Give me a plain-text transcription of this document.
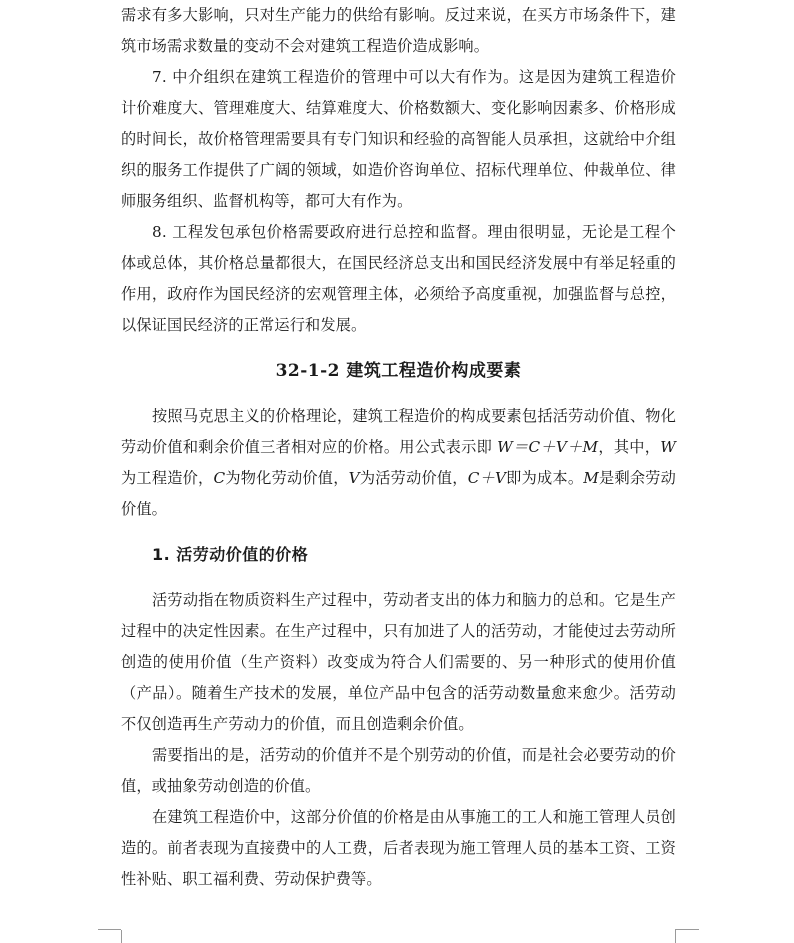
需求有多大影响，只对生产能力的供给有影响。反过来说，在买方市场条件下，建筑市场需求数量的变动不会对建筑工程造价造成影响。

7. 中介组织在建筑工程造价的管理中可以大有作为。这是因为建筑工程造价计价难度大、管理难度大、结算难度大、价格数额大、变化影响因素多、价格形成的时间长，故价格管理需要具有专门知识和经验的高智能人员承担，这就给中介组织的服务工作提供了广阔的领域，如造价咨询单位、招标代理单位、仲裁单位、律师服务组织、监督机构等，都可大有作为。

8. 工程发包承包价格需要政府进行总控和监督。理由很明显，无论是工程个体或总体，其价格总量都很大，在国民经济总支出和国民经济发展中有举足轻重的作用，政府作为国民经济的宏观管理主体，必须给予高度重视，加强监督与总控，以保证国民经济的正常运行和发展。

32-1-2 建筑工程造价构成要素

按照马克思主义的价格理论，建筑工程造价的构成要素包括活劳动价值、物化劳动价值和剩余价值三者相对应的价格。用公式表示即 W＝C＋V＋M，其中，W为工程造价，C为物化劳动价值，V为活劳动价值，C＋V即为成本。M是剩余劳动价值。

1. 活劳动价值的价格

活劳动指在物质资料生产过程中，劳动者支出的体力和脑力的总和。它是生产过程中的决定性因素。在生产过程中，只有加进了人的活劳动，才能使过去劳动所创造的使用价值（生产资料）改变成为符合人们需要的、另一种形式的使用价值（产品）。随着生产技术的发展，单位产品中包含的活劳动数量愈来愈少。活劳动不仅创造再生产劳动力的价值，而且创造剩余价值。

需要指出的是，活劳动的价值并不是个别劳动的价值，而是社会必要劳动的价值，或抽象劳动创造的价值。

在建筑工程造价中，这部分价值的价格是由从事施工的工人和施工管理人员创造的。前者表现为直接费中的人工费，后者表现为施工管理人员的基本工资、工资性补贴、职工福利费、劳动保护费等。
